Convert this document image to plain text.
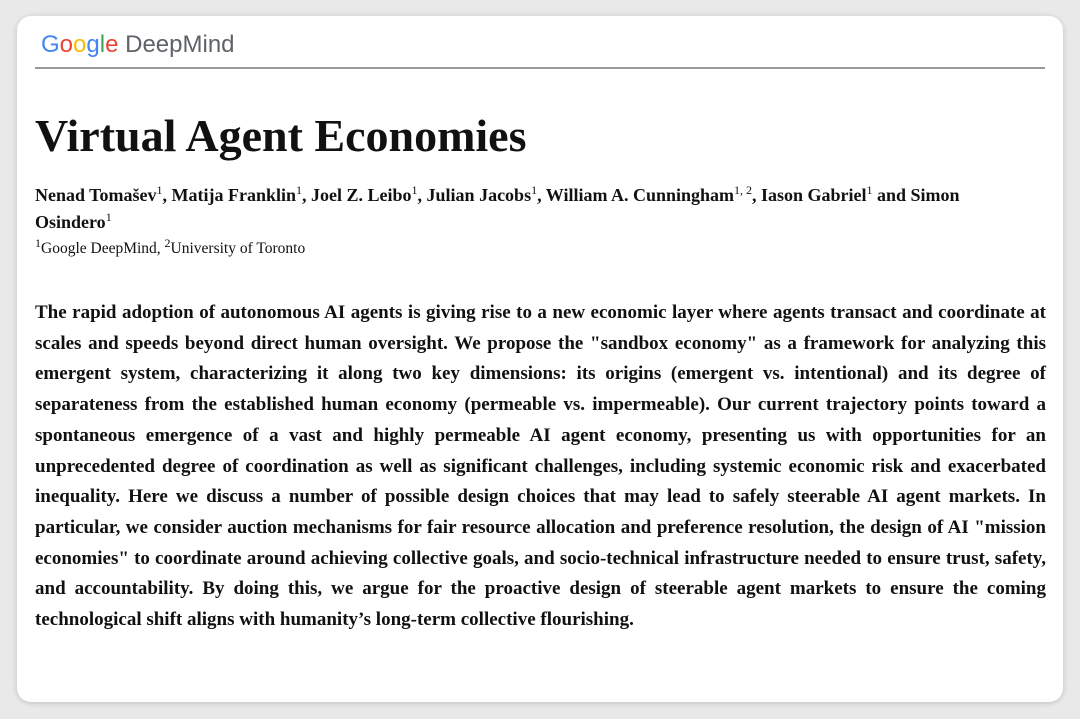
Google DeepMind
Virtual Agent Economies

Nenad Tomašev$^1$, Matija Franklin$^1$, Joel Z. Leibo$^1$, Julian Jacobs$^1$, William A. Cunningham$^{1, 2}$, Iason Gabriel$^1$ and Simon Osindero$^1$

$^1$Google DeepMind, $^2$University of Toronto

The rapid adoption of autonomous AI agents is giving rise to a new economic layer where agents transact and coordinate at scales and speeds beyond direct human oversight. We propose the "sandbox economy" as a framework for analyzing this emergent system, characterizing it along two key dimensions: its origins (emergent vs. intentional) and its degree of separateness from the established human economy (permeable vs. impermeable). Our current trajectory points toward a spontaneous emergence of a vast and highly permeable AI agent economy, presenting us with opportunities for an unprecedented degree of coordination as well as significant challenges, including systemic economic risk and exacerbated inequality. Here we discuss a number of possible design choices that may lead to safely steerable AI agent markets. In particular, we consider auction mechanisms for fair resource allocation and preference resolution, the design of AI "mission economies" to coordinate around achieving collective goals, and socio-technical infrastructure needed to ensure trust, safety, and accountability. By doing this, we argue for the proactive design of steerable agent markets to ensure the coming technological shift aligns with humanity’s long-term collective flourishing.
